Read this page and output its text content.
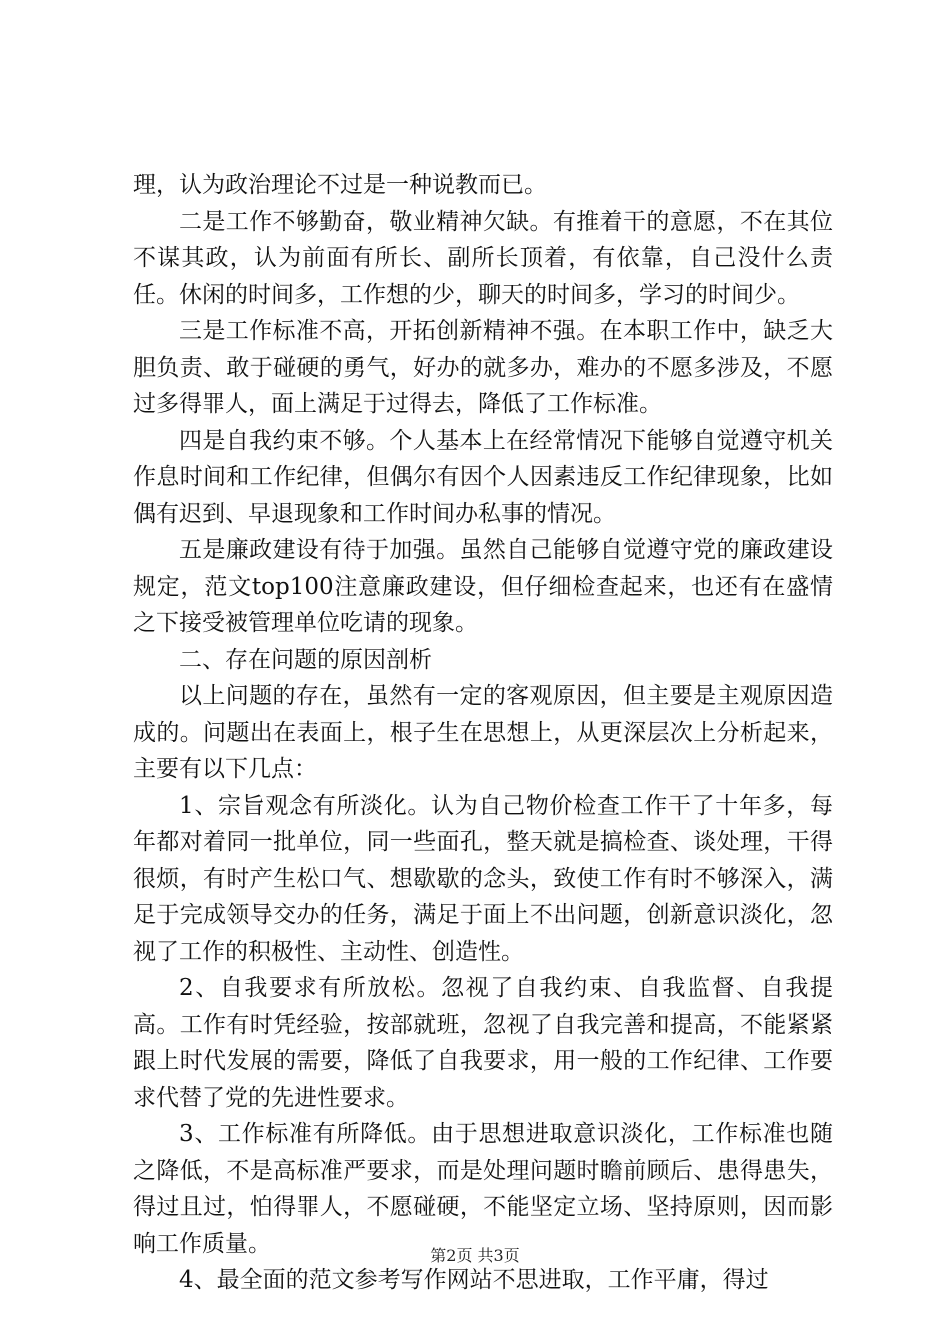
理，认为政治理论不过是一种说教而已。

二是工作不够勤奋，敬业精神欠缺。有推着干的意愿，不在其位不谋其政，认为前面有所长、副所长顶着，有依靠，自己没什么责任。休闲的时间多，工作想的少，聊天的时间多，学习的时间少。

三是工作标准不高，开拓创新精神不强。在本职工作中，缺乏大胆负责、敢于碰硬的勇气，好办的就多办，难办的不愿多涉及，不愿过多得罪人，面上满足于过得去，降低了工作标准。

四是自我约束不够。个人基本上在经常情况下能够自觉遵守机关作息时间和工作纪律，但偶尔有因个人因素违反工作纪律现象，比如偶有迟到、早退现象和工作时间办私事的情况。

五是廉政建设有待于加强。虽然自己能够自觉遵守党的廉政建设规定，范文top100注意廉政建设，但仔细检查起来，也还有在盛情之下接受被管理单位吃请的现象。

二、存在问题的原因剖析

以上问题的存在，虽然有一定的客观原因，但主要是主观原因造成的。问题出在表面上，根子生在思想上，从更深层次上分析起来，主要有以下几点：

1、宗旨观念有所淡化。认为自己物价检查工作干了十年多，每年都对着同一批单位，同一些面孔，整天就是搞检查、谈处理，干得很烦，有时产生松口气、想歇歇的念头，致使工作有时不够深入，满足于完成领导交办的任务，满足于面上不出问题，创新意识淡化，忽视了工作的积极性、主动性、创造性。

2、自我要求有所放松。忽视了自我约束、自我监督、自我提高。工作有时凭经验，按部就班，忽视了自我完善和提高，不能紧紧跟上时代发展的需要，降低了自我要求，用一般的工作纪律、工作要求代替了党的先进性要求。

3、工作标准有所降低。由于思想进取意识淡化，工作标准也随之降低，不是高标准严要求，而是处理问题时瞻前顾后、患得患失，得过且过，怕得罪人，不愿碰硬，不能坚定立场、坚持原则，因而影响工作质量。

4、最全面的范文参考写作网站不思进取，工作平庸，得过

第2页 共3页
